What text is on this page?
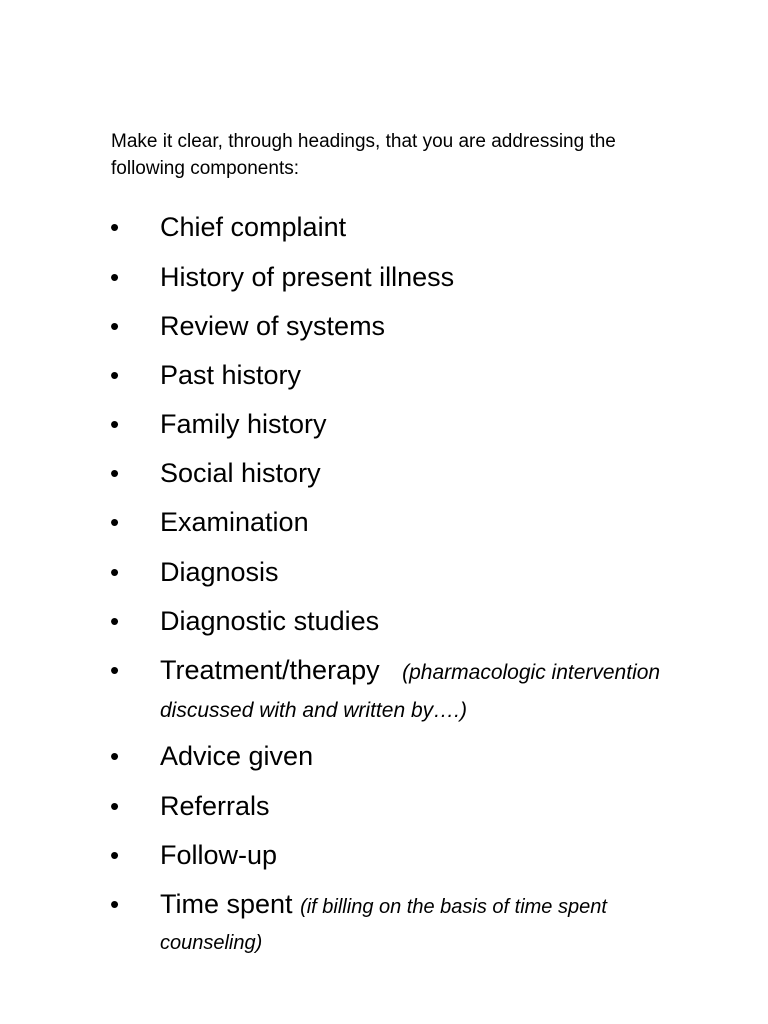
Make it clear, through headings, that you are addressing the
following components:

•	Chief complaint
•	History of present illness
•	Review of systems
•	Past history
•	Family history
•	Social history
•	Examination
•	Diagnosis
•	Diagnostic studies
•	Treatment/therapy (pharmacologic intervention
discussed with and written by….)
•	Advice given
•	Referrals
•	Follow-up
•	Time spent (if billing on the basis of time spent
counseling)
